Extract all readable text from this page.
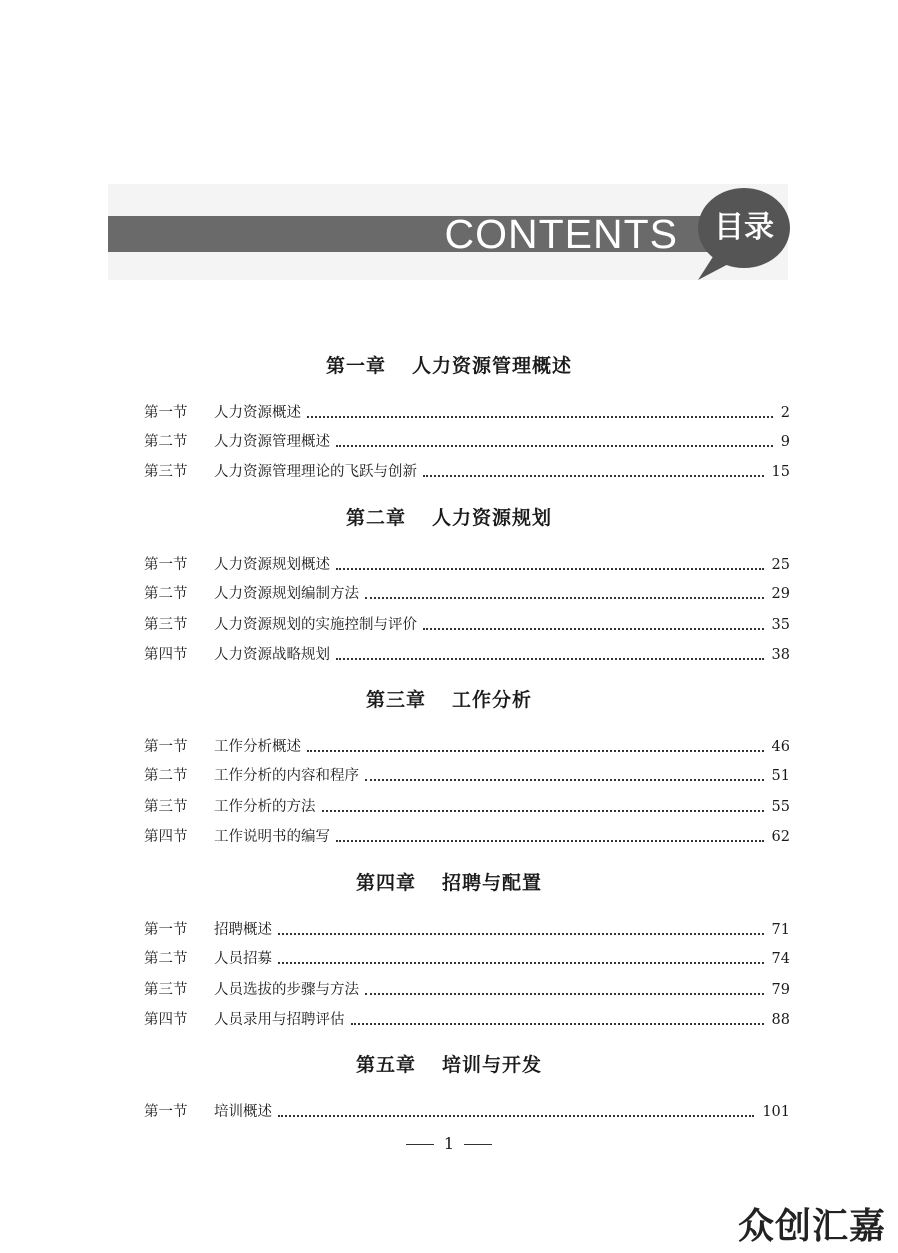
CONTENTS	目录
第一章 人力资源管理概述
第一节	人力资源概述	2
第二节	人力资源管理概述	9
第三节	人力资源管理理论的飞跃与创新	15
第二章 人力资源规划
第一节	人力资源规划概述	25
第二节	人力资源规划编制方法	29
第三节	人力资源规划的实施控制与评价	35
第四节	人力资源战略规划	38
第三章 工作分析
第一节	工作分析概述	46
第二节	工作分析的内容和程序	51
第三节	工作分析的方法	55
第四节	工作说明书的编写	62
第四章 招聘与配置
第一节	招聘概述	71
第二节	人员招募	74
第三节	人员选拔的步骤与方法	79
第四节	人员录用与招聘评估	88
第五章 培训与开发
第一节	培训概述	101
1
众创汇嘉
